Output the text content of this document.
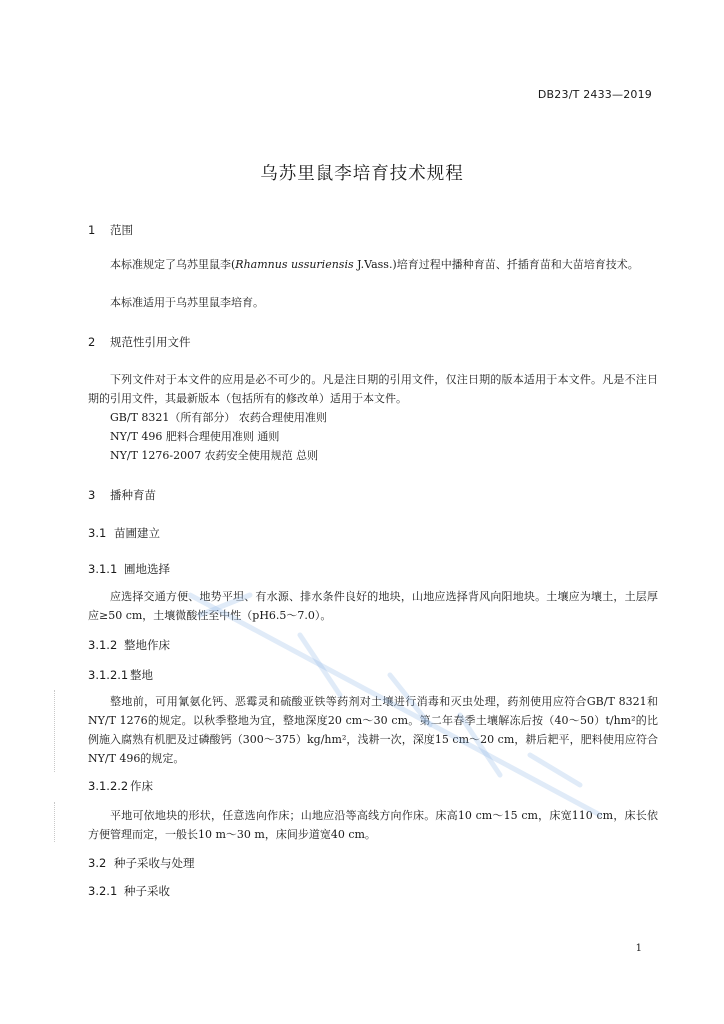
DB23/T 2433—2019
乌苏里鼠李培育技术规程
1 范围
本标准规定了乌苏里鼠李(Rhamnus ussuriensis J.Vass.)培育过程中播种育苗、扦插育苗和大苗培育技术。
本标准适用于乌苏里鼠李培育。
2 规范性引用文件
下列文件对于本文件的应用是必不可少的。凡是注日期的引用文件，仅注日期的版本适用于本文件。凡是不注日期的引用文件，其最新版本（包括所有的修改单）适用于本文件。
GB/T 8321（所有部分） 农药合理使用准则
NY/T 496 肥料合理使用准则 通则
NY/T 1276-2007 农药安全使用规范 总则
3 播种育苗
3.1 苗圃建立
3.1.1 圃地选择
应选择交通方便、地势平坦、有水源、排水条件良好的地块，山地应选择背风向阳地块。土壤应为壤土，土层厚应≥50 cm，土壤微酸性至中性（pH6.5～7.0）。
3.1.2 整地作床
3.1.2.1 整地
整地前，可用氰氨化钙、恶霉灵和硫酸亚铁等药剂对土壤进行消毒和灭虫处理，药剂使用应符合GB/T 8321和NY/T 1276的规定。以秋季整地为宜，整地深度20 cm～30 cm。第二年春季土壤解冻后按（40～50）t/hm²的比例施入腐熟有机肥及过磷酸钙（300～375）kg/hm²，浅耕一次，深度15 cm～20 cm，耕后耙平，肥料使用应符合NY/T 496的规定。
3.1.2.2 作床
平地可依地块的形状，任意选向作床；山地应沿等高线方向作床。床高10 cm～15 cm，床宽110 cm，床长依方便管理而定，一般长10 m～30 m，床间步道宽40 cm。
3.2 种子采收与处理
3.2.1 种子采收
1
